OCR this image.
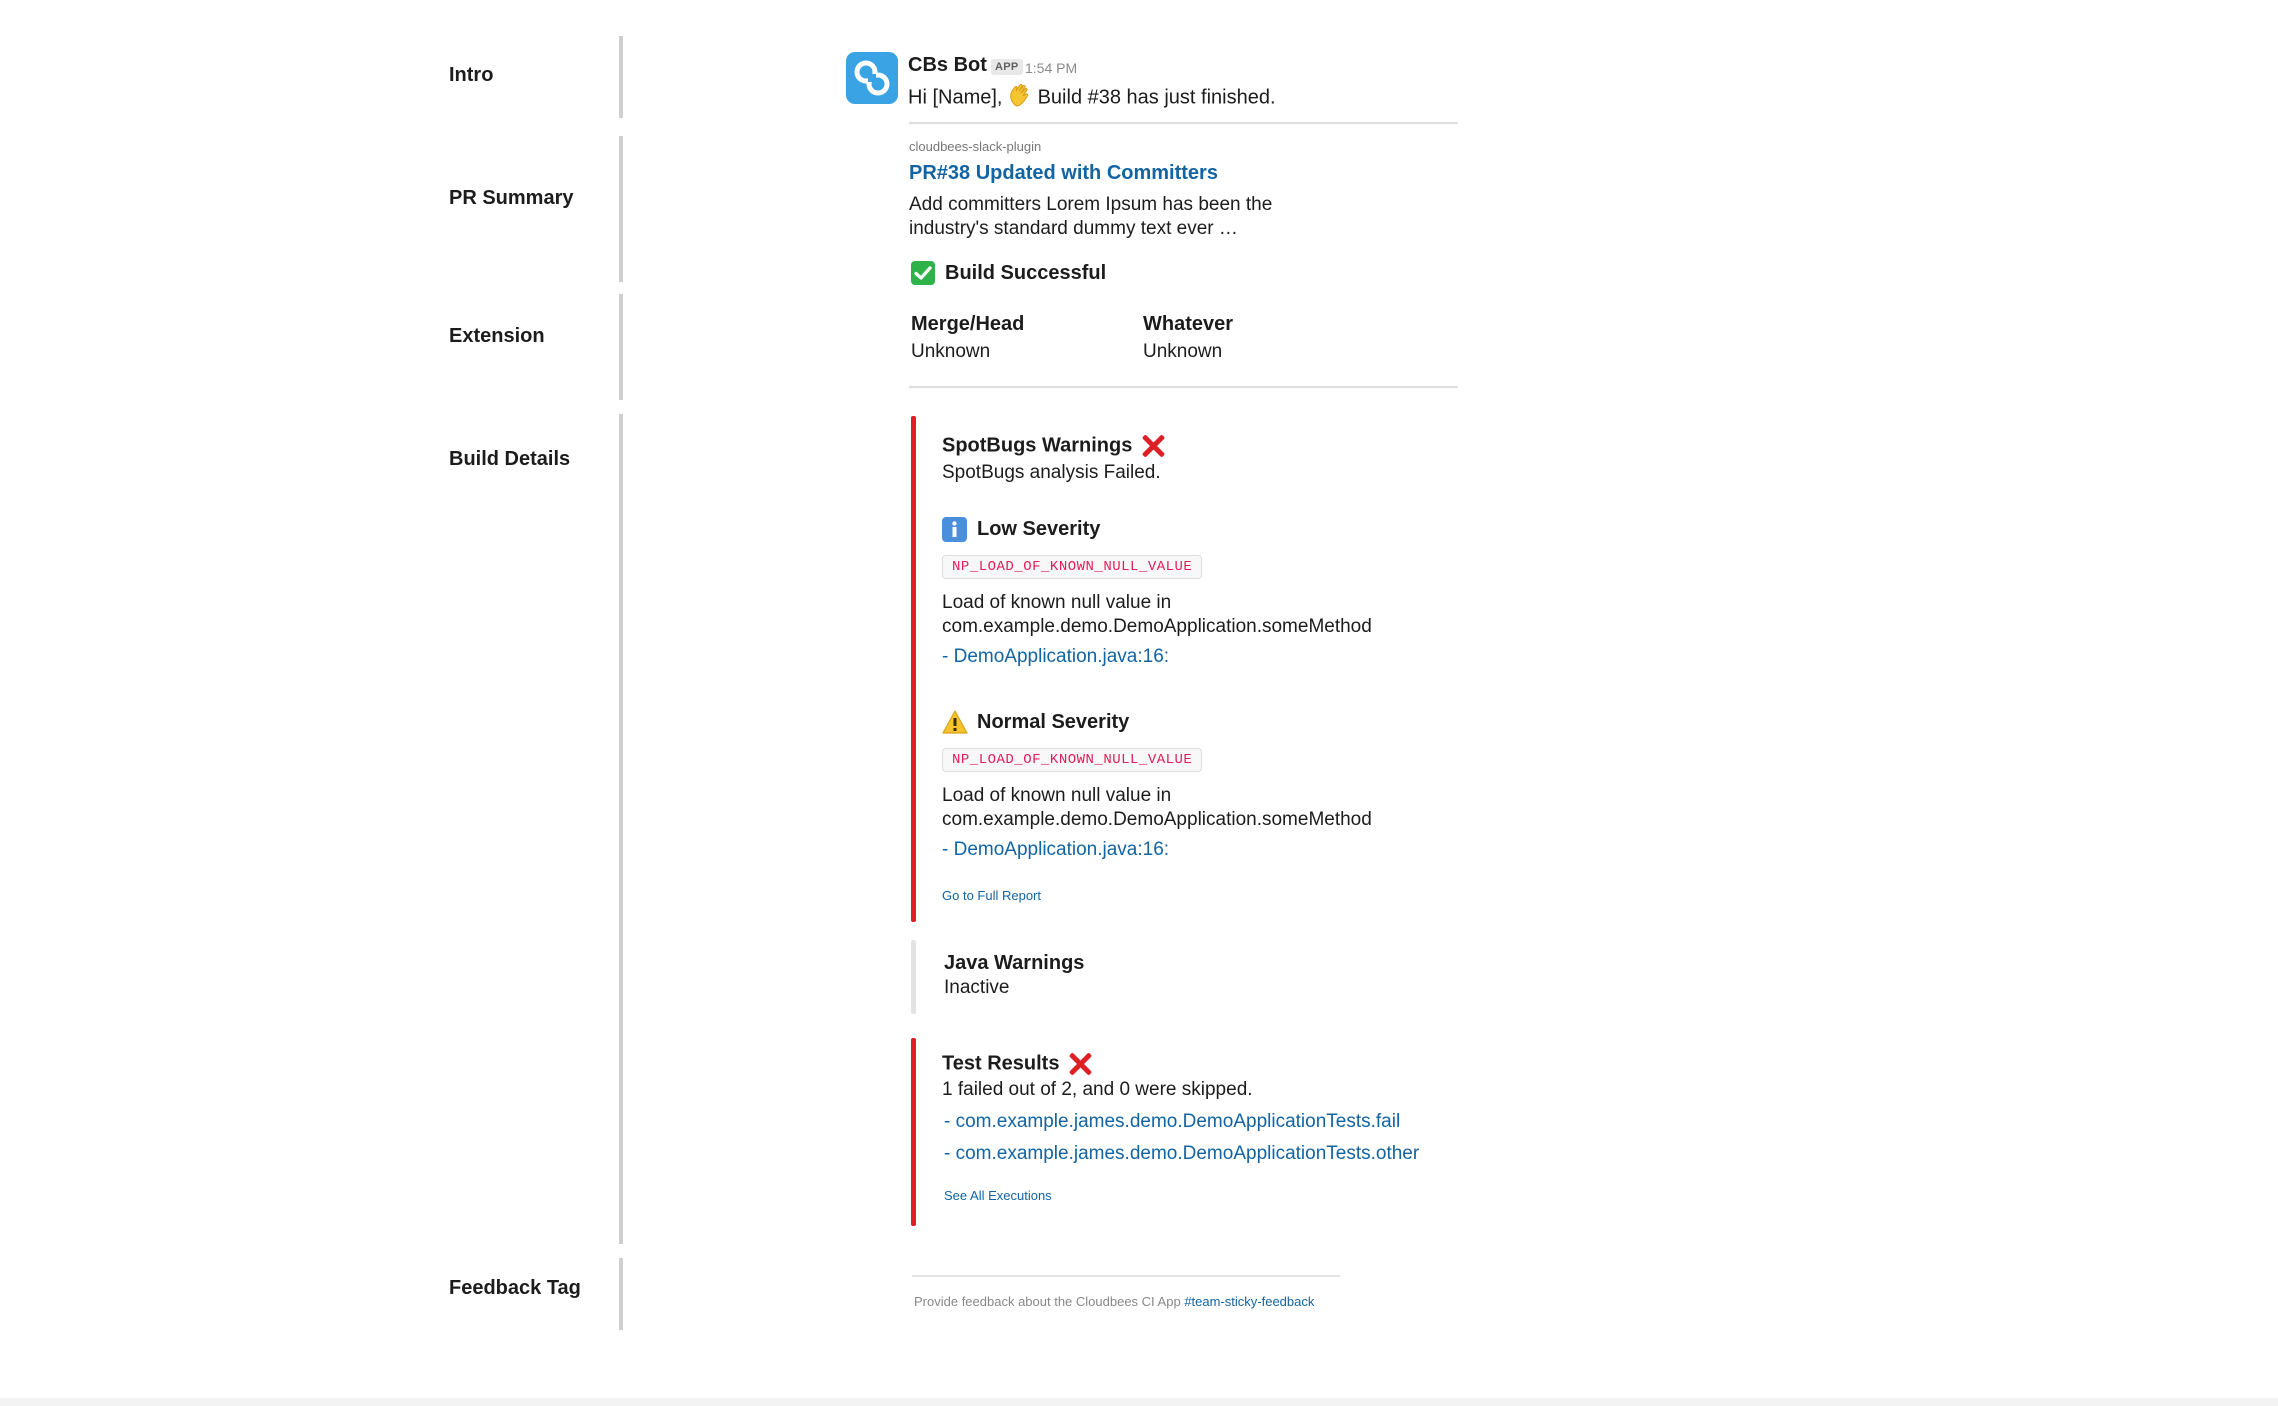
Intro
PR Summary
Extension
Build Details
Feedback Tag
CBs Bot APP 1:54 PM
Hi [Name], Build #38 has just finished.
cloudbees-slack-plugin
PR#38 Updated with Committers
Add committers Lorem Ipsum has been the
industry's standard dummy text ever …
Build Successful
Merge/Head
Unknown
Whatever
Unknown
SpotBugs Warnings
SpotBugs analysis Failed.
Low Severity
NP_LOAD_OF_KNOWN_NULL_VALUE
Load of known null value in
com.example.demo.DemoApplication.someMethod
- DemoApplication.java:16:
Normal Severity
NP_LOAD_OF_KNOWN_NULL_VALUE
Load of known null value in
com.example.demo.DemoApplication.someMethod
- DemoApplication.java:16:
Go to Full Report
Java Warnings
Inactive
Test Results
1 failed out of 2, and 0 were skipped.
- com.example.james.demo.DemoApplicationTests.fail
- com.example.james.demo.DemoApplicationTests.other
See All Executions
Provide feedback about the Cloudbees CI App #team-sticky-feedback
